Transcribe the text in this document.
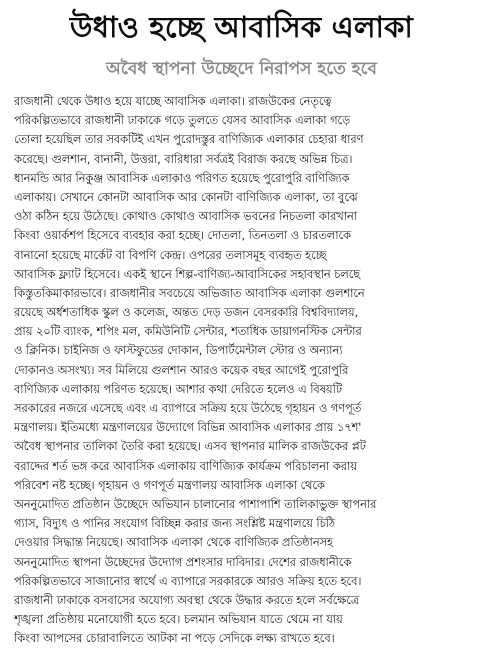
উধাও হচ্ছে আবাসিক এলাকা
অবৈধ স্থাপনা উচ্ছেদে নিরাপস হতে হবে
রাজধানী থেকে উধাও হয়ে যাচ্ছে আবাসিক এলাকা। রাজউকের নেতৃত্বে
পরিকল্পিতভাবে রাজধানী ঢাকাকে গড়ে তুলতে যেসব আবাসিক এলাকা গড়ে
তোলা হয়েছিল তার সবকটিই এখন পুরোদস্তুর বাণিজ্যিক এলাকার চেহারা ধারণ
করেছে। গুলশান, বানানী, উত্তরা, বারিধারা সর্বত্রই বিরাজ করছে অভিন্ন চিত্র।
ধানমন্ডি আর নিকুঞ্জ আবাসিক এলাকাও পরিণত হয়েছে পুরোপুরি বাণিজ্যিক
এলাকায়। সেখানে কোনটা আবাসিক আর কোনটা বাণিজ্যিক এলাকা, তা বুঝে
ওঠা কঠিন হয়ে উঠেছে। কোথাও কোথাও আবাসিক ভবনের নিচতলা কারখানা
কিংবা ওয়ার্কশপ হিসেবে ব্যবহার করা হচ্ছে। দোতলা, তিনতলা ও চারতলাকে
বানানো হয়েছে মার্কেট বা বিপণি কেন্দ্র। ওপরের তলাসমূহ ব্যবহৃত হচ্ছে
আবাসিক ফ্ল্যাট হিসেবে। একই স্থানে শিল্প-বাণিজ্য-আবাসিকের সহাবস্থান চলছে
কিস্তুতকিমাকারভাবে। রাজধানীর সবচেয়ে অভিজাত আবাসিক এলাকা গুলশানে
রয়েছে অর্ধশতাধিক স্কুল ও কলেজ, অন্তত দেড় ডজন বেসরকারি বিশ্ববিদ্যালয়,
প্রায় ২০টি ব্যাংক, শপিং মল, কমিউনিটি সেন্টার, শতাধিক ডায়াগনস্টিক সেন্টার
ও ক্লিনিক। চাইনিজ ও ফাস্টফুডের দোকান, ডিপার্টমেন্টাল স্টোর ও অন্যান্য
দোকানও অসংখ্য। সব মিলিয়ে গুলশান আরও কয়েক বছর আগেই পুরোপুরি
বাণিজ্যিক এলাকায় পরিণত হয়েছে। আশার কথা দেরিতে হলেও এ বিষয়টি
সরকারের নজরে এসেছে এবং এ ব্যাপারে সক্রিয় হয়ে উঠেছে গৃহায়ন ও গণপূর্ত
মন্ত্রণালয়। ইতিমধ্যে মন্ত্রণালয়ের উদ্যোগে বিভিন্ন আবাসিক এলাকার প্রায় ১৭শ'
অবৈধ স্থাপনার তালিকা তৈরি করা হয়েছে। এসব স্থাপনার মালিক রাজউকের প্লট
বরাদ্দের শর্ত ভঙ্গ করে আবাসিক এলাকায় বাণিজ্যিক কার্যক্রম পরিচালনা করায়
পরিবেশ নষ্ট হচ্ছে। গৃহায়ন ও গণপূর্ত মন্ত্রণালয় আবাসিক এলাকা থেকে
অননুমোদিত প্রতিষ্ঠান উচ্ছেদে অভিযান চালানোর পাশাপাশি তালিকাভুক্ত স্থাপনার
গ্যাস, বিদ্যুৎ ও পানির সংযোগ বিচ্ছিন্ন করার জন্য সংশ্লিষ্ট মন্ত্রণালয়ে চিঠি
দেওয়ার সিদ্ধান্ত নিয়েছে। আবাসিক এলাকা থেকে বাণিজ্যিক প্রতিষ্ঠানসহ
অননুমোদিত স্থাপনা উচ্ছেদের উদ্যোগ প্রশংসার দাবিদার। দেশের রাজধানীকে
পরিকল্পিতভাবে সাজানোর স্বার্থে এ ব্যাপারে সরকারকে আরও সক্রিয় হতে হবে।
রাজধানী ঢাকাকে বসবাসের অযোগ্য অবস্থা থেকে উদ্ধার করতে হলে সর্বক্ষেত্রে
শৃঙ্খলা প্রতিষ্ঠায় মনোযোগী হতে হবে। চলমান অভিযান যাতে থেমে না যায়
কিংবা আপসের চোরাবালিতে আটকা না পড়ে সেদিকে লক্ষ্য রাখতে হবে।
